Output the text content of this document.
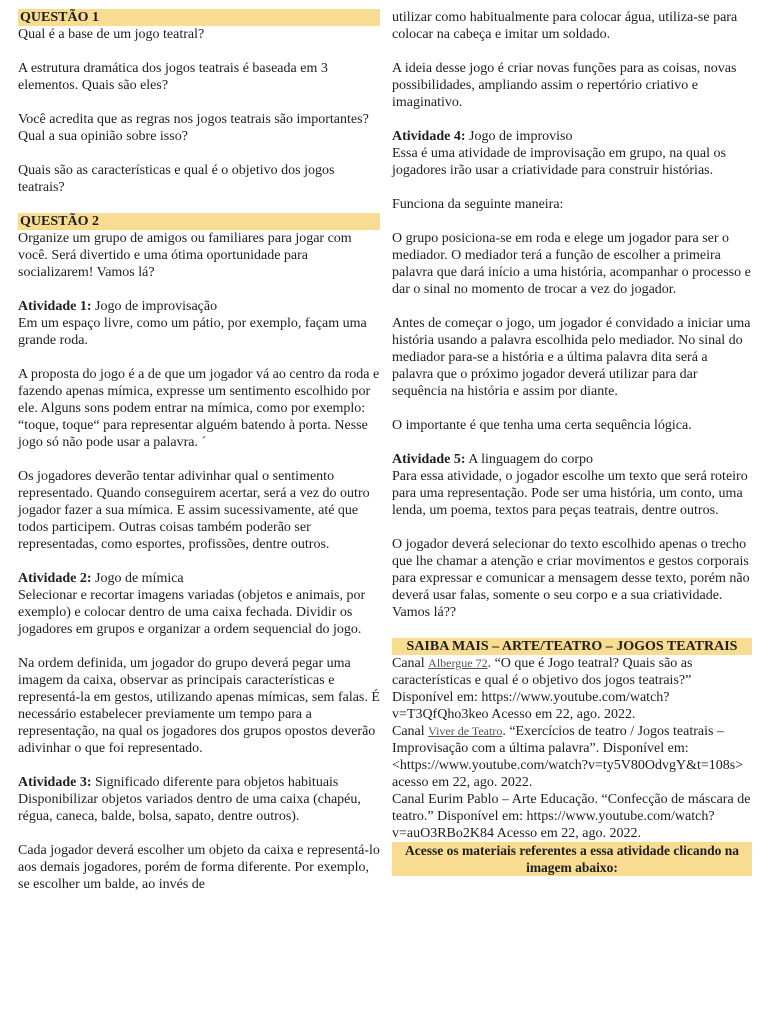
QUESTÃO 1

Qual é a base de um jogo teatral?

A estrutura dramática dos jogos teatrais é baseada em 3 elementos. Quais são eles?

Você acredita que as regras nos jogos teatrais são importantes? Qual a sua opinião sobre isso?

Quais são as características e qual é o objetivo dos jogos teatrais?

QUESTÃO 2

Organize um grupo de amigos ou familiares para jogar com você. Será divertido e uma ótima oportunidade para socializarem! Vamos lá?

Atividade 1: Jogo de improvisação

Em um espaço livre, como um pátio, por exemplo, façam uma grande roda.

A proposta do jogo é a de que um jogador vá ao centro da roda e fazendo apenas mímica, expresse um sentimento escolhido por ele. Alguns sons podem entrar na mímica, como por exemplo: “toque, toque“ para representar alguém batendo à porta. Nesse jogo só não pode usar a palavra. ´

Os jogadores deverão tentar adivinhar qual o sentimento representado. Quando conseguirem acertar, será a vez do outro jogador fazer a sua mímica. E assim sucessivamente, até que todos participem. Outras coisas também poderão ser representadas, como esportes, profissões, dentre outros.

Atividade 2: Jogo de mímica

Selecionar e recortar imagens variadas (objetos e animais, por exemplo) e colocar dentro de uma caixa fechada. Dividir os jogadores em grupos e organizar a ordem sequencial do jogo.

Na ordem definida, um jogador do grupo deverá pegar uma imagem da caixa, observar as principais características e representá-la em gestos, utilizando apenas mímicas, sem falas. É necessário estabelecer previamente um tempo para a representação, na qual os jogadores dos grupos opostos deverão adivinhar o que foi representado.

Atividade 3: Significado diferente para objetos habituais

Disponibilizar objetos variados dentro de uma caixa (chapéu, régua, caneca, balde, bolsa, sapato, dentre outros).

Cada jogador deverá escolher um objeto da caixa e representá-lo aos demais jogadores, porém de forma diferente. Por exemplo, se escolher um balde, ao invés de

utilizar como habitualmente para colocar água, utiliza-se para colocar na cabeça e imitar um soldado.

A ideia desse jogo é criar novas funções para as coisas, novas possibilidades, ampliando assim o repertório criativo e imaginativo.

Atividade 4: Jogo de improviso

Essa é uma atividade de improvisação em grupo, na qual os jogadores irão usar a criatividade para construir histórias.

Funciona da seguinte maneira:

O grupo posiciona-se em roda e elege um jogador para ser o mediador. O mediador terá a função de escolher a primeira palavra que dará início a uma história, acompanhar o processo e dar o sinal no momento de trocar a vez do jogador.

Antes de começar o jogo, um jogador é convidado a iniciar uma história usando a palavra escolhida pelo mediador. No sinal do mediador para-se a história e a última palavra dita será a palavra que o próximo jogador deverá utilizar para dar sequência na história e assim por diante.

O importante é que tenha uma certa sequência lógica.

Atividade 5: A linguagem do corpo

Para essa atividade, o jogador escolhe um texto que será roteiro para uma representação. Pode ser uma história, um conto, uma lenda, um poema, textos para peças teatrais, dentre outros.

O jogador deverá selecionar do texto escolhido apenas o trecho que lhe chamar a atenção e criar movimentos e gestos corporais para expressar e comunicar a mensagem desse texto, porém não deverá usar falas, somente o seu corpo e a sua criatividade. Vamos lá??

SAIBA MAIS – ARTE/TEATRO – JOGOS TEATRAIS

Canal Albergue 72. “O que é Jogo teatral? Quais são as características e qual é o objetivo dos jogos teatrais?” Disponível em: https://www.youtube.com/watch?v=T3QfQho3keo Acesso em 22, ago. 2022.

Canal Viver de Teatro. “Exercícios de teatro / Jogos teatrais – Improvisação com a última palavra”. Disponível em: <https://www.youtube.com/watch?v=ty5V80OdvgY&t=108s> acesso em 22, ago. 2022.

Canal Eurim Pablo – Arte Educação. “Confecção de máscara de teatro.” Disponível em: https://www.youtube.com/watch?v=auO3RBo2K84 Acesso em 22, ago. 2022.

Acesse os materiais referentes a essa atividade clicando na imagem abaixo:
